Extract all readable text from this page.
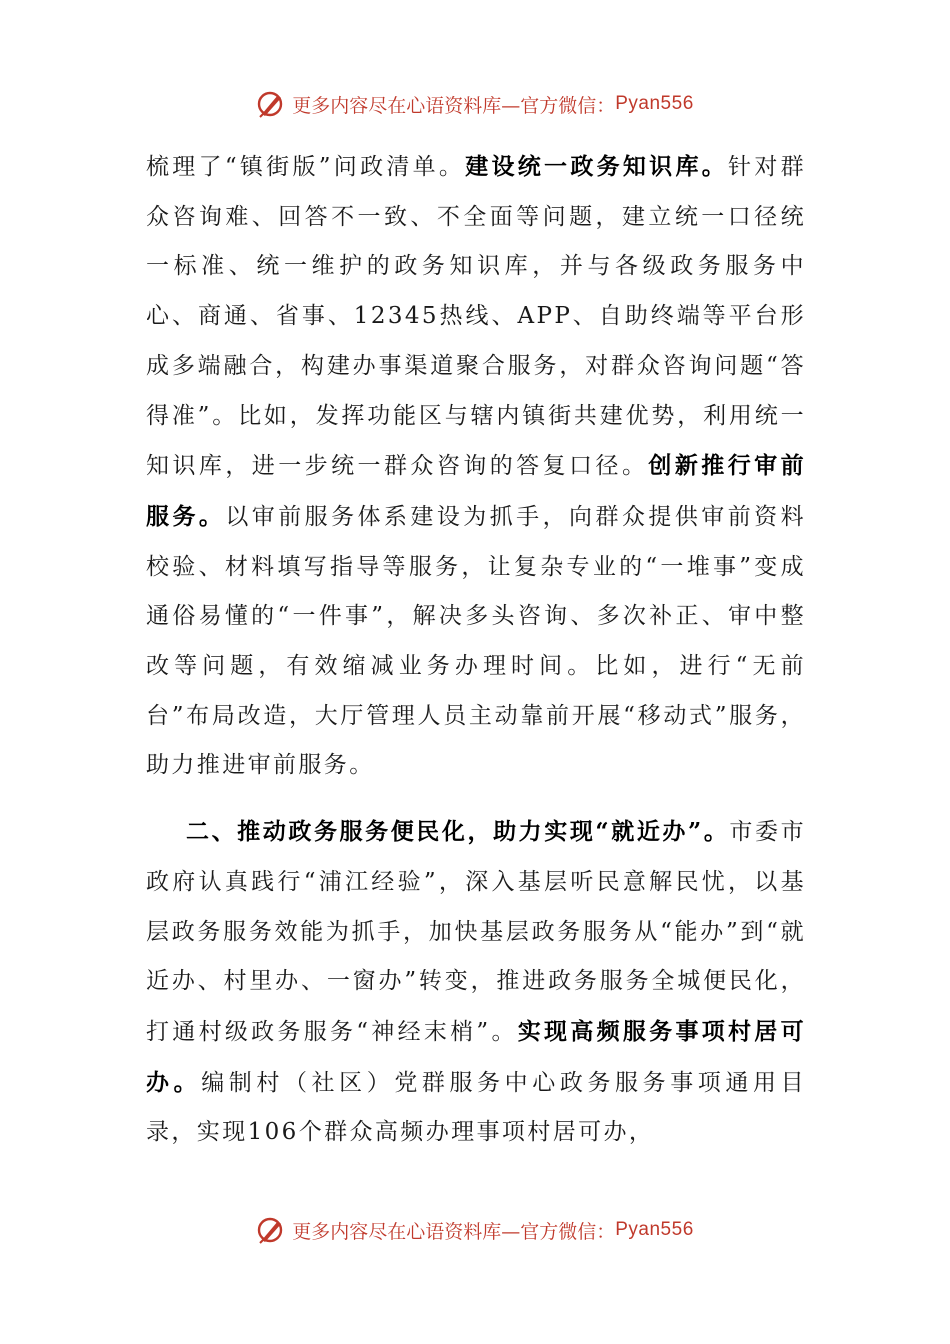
更多内容尽在心语资料库—官方微信： Pyan556

梳理了“镇街版”问政清单。建设统一政务知识库。针对群众咨询难、回答不一致、不全面等问题，建立统一口径统一标准、统一维护的政务知识库，并与各级政务服务中心、商通、省事、12345热线、APP、自助终端等平台形成多端融合，构建办事渠道聚合服务，对群众咨询问题“答得准”。比如，发挥功能区与辖内镇街共建优势，利用统一知识库，进一步统一群众咨询的答复口径。创新推行审前服务。以审前服务体系建设为抓手，向群众提供审前资料校验、材料填写指导等服务，让复杂专业的“一堆事”变成通俗易懂的“一件事”，解决多头咨询、多次补正、审中整改等问题，有效缩减业务办理时间。比如，进行“无前台”布局改造，大厅管理人员主动靠前开展“移动式”服务，助力推进审前服务。

二、推动政务服务便民化，助力实现“就近办”。市委市政府认真践行“浦江经验”，深入基层听民意解民忧，以基层政务服务效能为抓手，加快基层政务服务从“能办”到“就近办、村里办、一窗办”转变，推进政务服务全城便民化，打通村级政务服务“神经末梢”。实现高频服务事项村居可办。编制村（社区）党群服务中心政务服务事项通用目录，实现106个群众高频办理事项村居可办，

更多内容尽在心语资料库—官方微信： Pyan556
